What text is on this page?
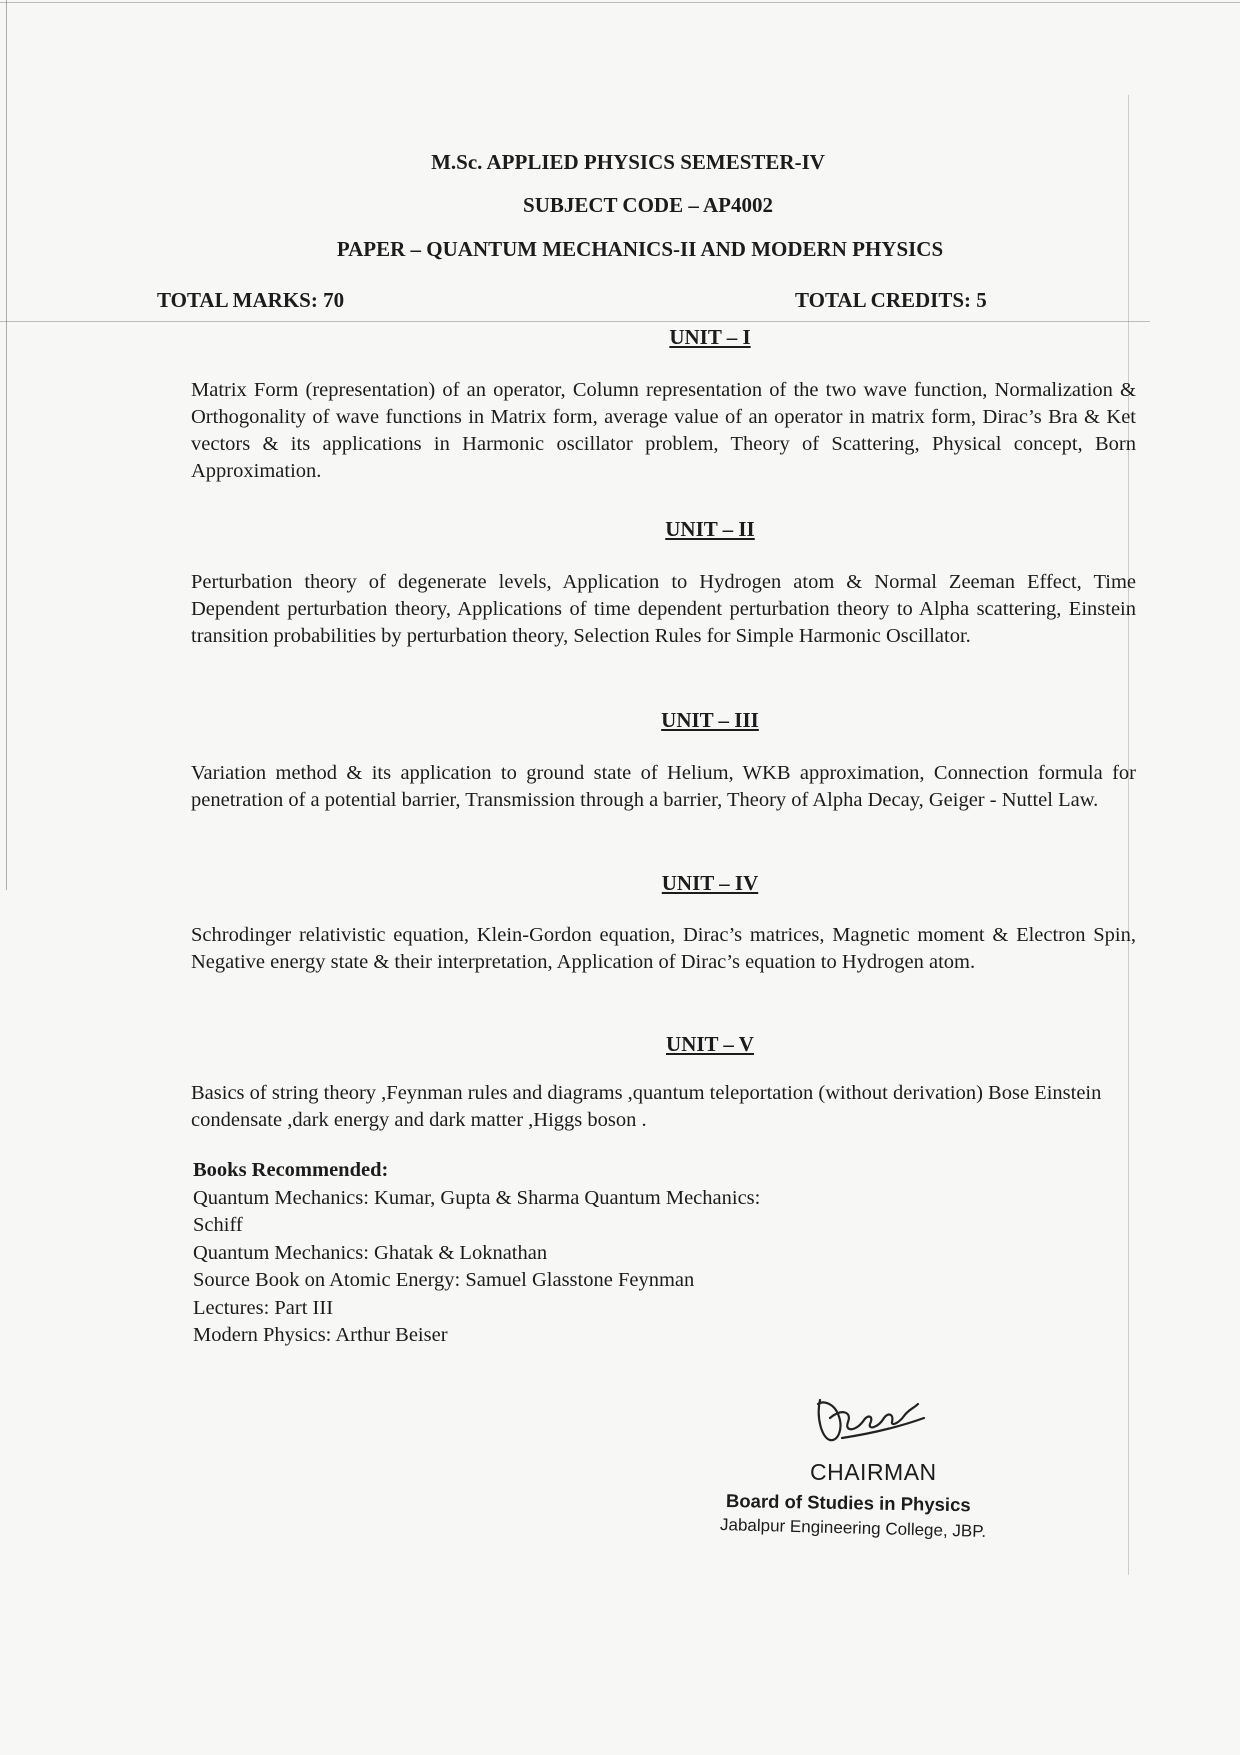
M.Sc. APPLIED PHYSICS SEMESTER-IV
SUBJECT CODE – AP4002
PAPER – QUANTUM MECHANICS-II AND MODERN PHYSICS
TOTAL MARKS: 70	TOTAL CREDITS: 5
UNIT – I

Matrix Form (representation) of an operator, Column representation of the two wave function, Normalization & Orthogonality of wave functions in Matrix form, average value of an operator in matrix form, Dirac’s Bra & Ket vectors & its applications in Harmonic oscillator problem, Theory of Scattering, Physical concept, Born Approximation.

UNIT – II

Perturbation theory of degenerate levels, Application to Hydrogen atom & Normal Zeeman Effect, Time Dependent perturbation theory, Applications of time dependent perturbation theory to Alpha scattering, Einstein transition probabilities by perturbation theory, Selection Rules for Simple Harmonic Oscillator.

UNIT – III

Variation method & its application to ground state of Helium, WKB approximation, Connection formula for penetration of a potential barrier, Transmission through a barrier, Theory of Alpha Decay, Geiger - Nuttel Law.

UNIT – IV

Schrodinger relativistic equation, Klein-Gordon equation, Dirac’s matrices, Magnetic moment & Electron Spin, Negative energy state & their interpretation, Application of Dirac’s equation to Hydrogen atom.

UNIT – V

Basics of string theory ,Feynman rules and diagrams ,quantum teleportation (without derivation) Bose Einstein condensate ,dark energy and dark matter ,Higgs boson .

Books Recommended:
Quantum Mechanics: Kumar, Gupta & Sharma Quantum Mechanics:
Schiff
Quantum Mechanics: Ghatak & Loknathan
Source Book on Atomic Energy: Samuel Glasstone Feynman
Lectures: Part III
Modern Physics: Arthur Beiser
CHAIRMAN
Board of Studies in Physics
Jabalpur Engineering College, JBP.
